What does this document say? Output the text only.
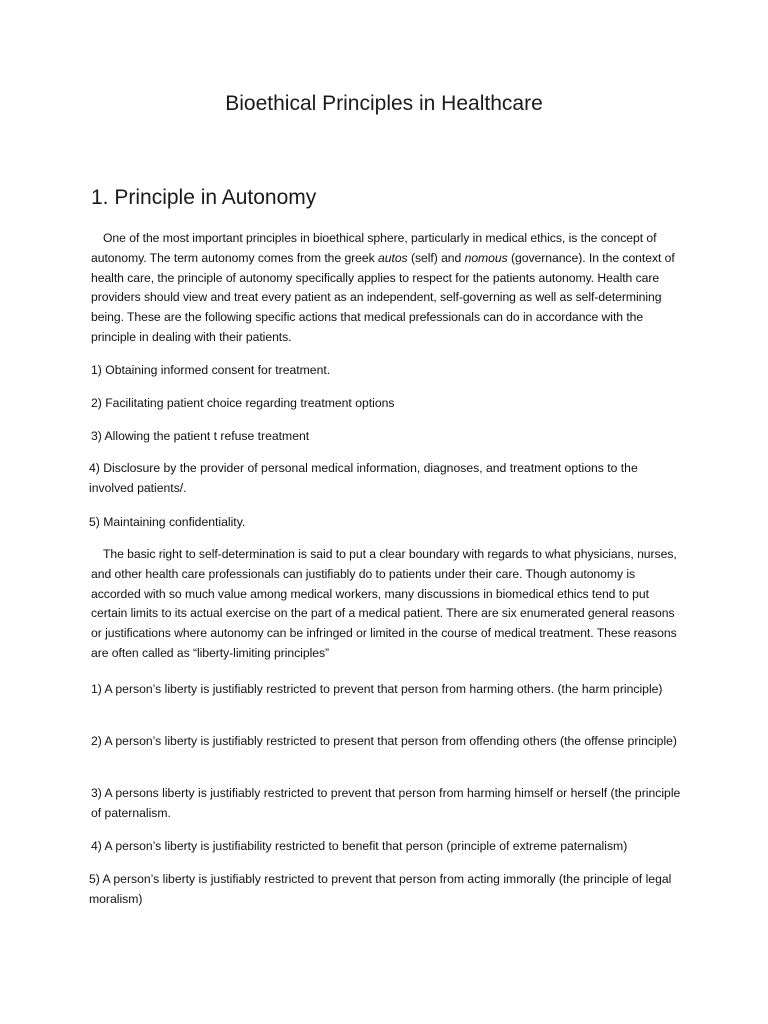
Bioethical Principles in Healthcare
1. Principle in Autonomy
One of the most important principles in bioethical sphere, particularly in medical ethics, is the concept of autonomy. The term autonomy comes from the greek autos (self) and nomous (governance). In the context of health care, the principle of autonomy specifically applies to respect for the patients autonomy. Health care providers should view and treat every patient as an independent, self-governing as well as self-determining being. These are the following specific actions that medical prefessionals can do in accordance with the principle in dealing with their patients.
1) Obtaining informed consent for treatment.
2) Facilitating patient choice regarding treatment options
3) Allowing the patient t refuse treatment
4) Disclosure by the provider of personal medical information, diagnoses, and treatment options to the involved patients/.
5) Maintaining confidentiality.
The basic right to self-determination is said to put a clear boundary with regards to what physicians, nurses, and other health care professionals can justifiably do to patients under their care. Though autonomy is accorded with so much value among medical workers, many discussions in biomedical ethics tend to put certain limits to its actual exercise on the part of a medical patient. There are six enumerated general reasons or justifications where autonomy can be infringed or limited in the course of medical treatment. These reasons are often called as “liberty-limiting principles”
1) A person’s liberty is justifiably restricted to prevent that person from harming others. (the harm principle)
2) A person’s liberty is justifiably restricted to present that person from offending others (the offense principle)
3) A persons liberty is justifiably restricted to prevent that person from harming himself or herself (the principle of paternalism.
4) A person’s liberty is justifiability restricted to benefit that person (principle of extreme paternalism)
5) A person’s liberty is justifiably restricted to prevent that person from acting immorally (the principle of legal moralism)
